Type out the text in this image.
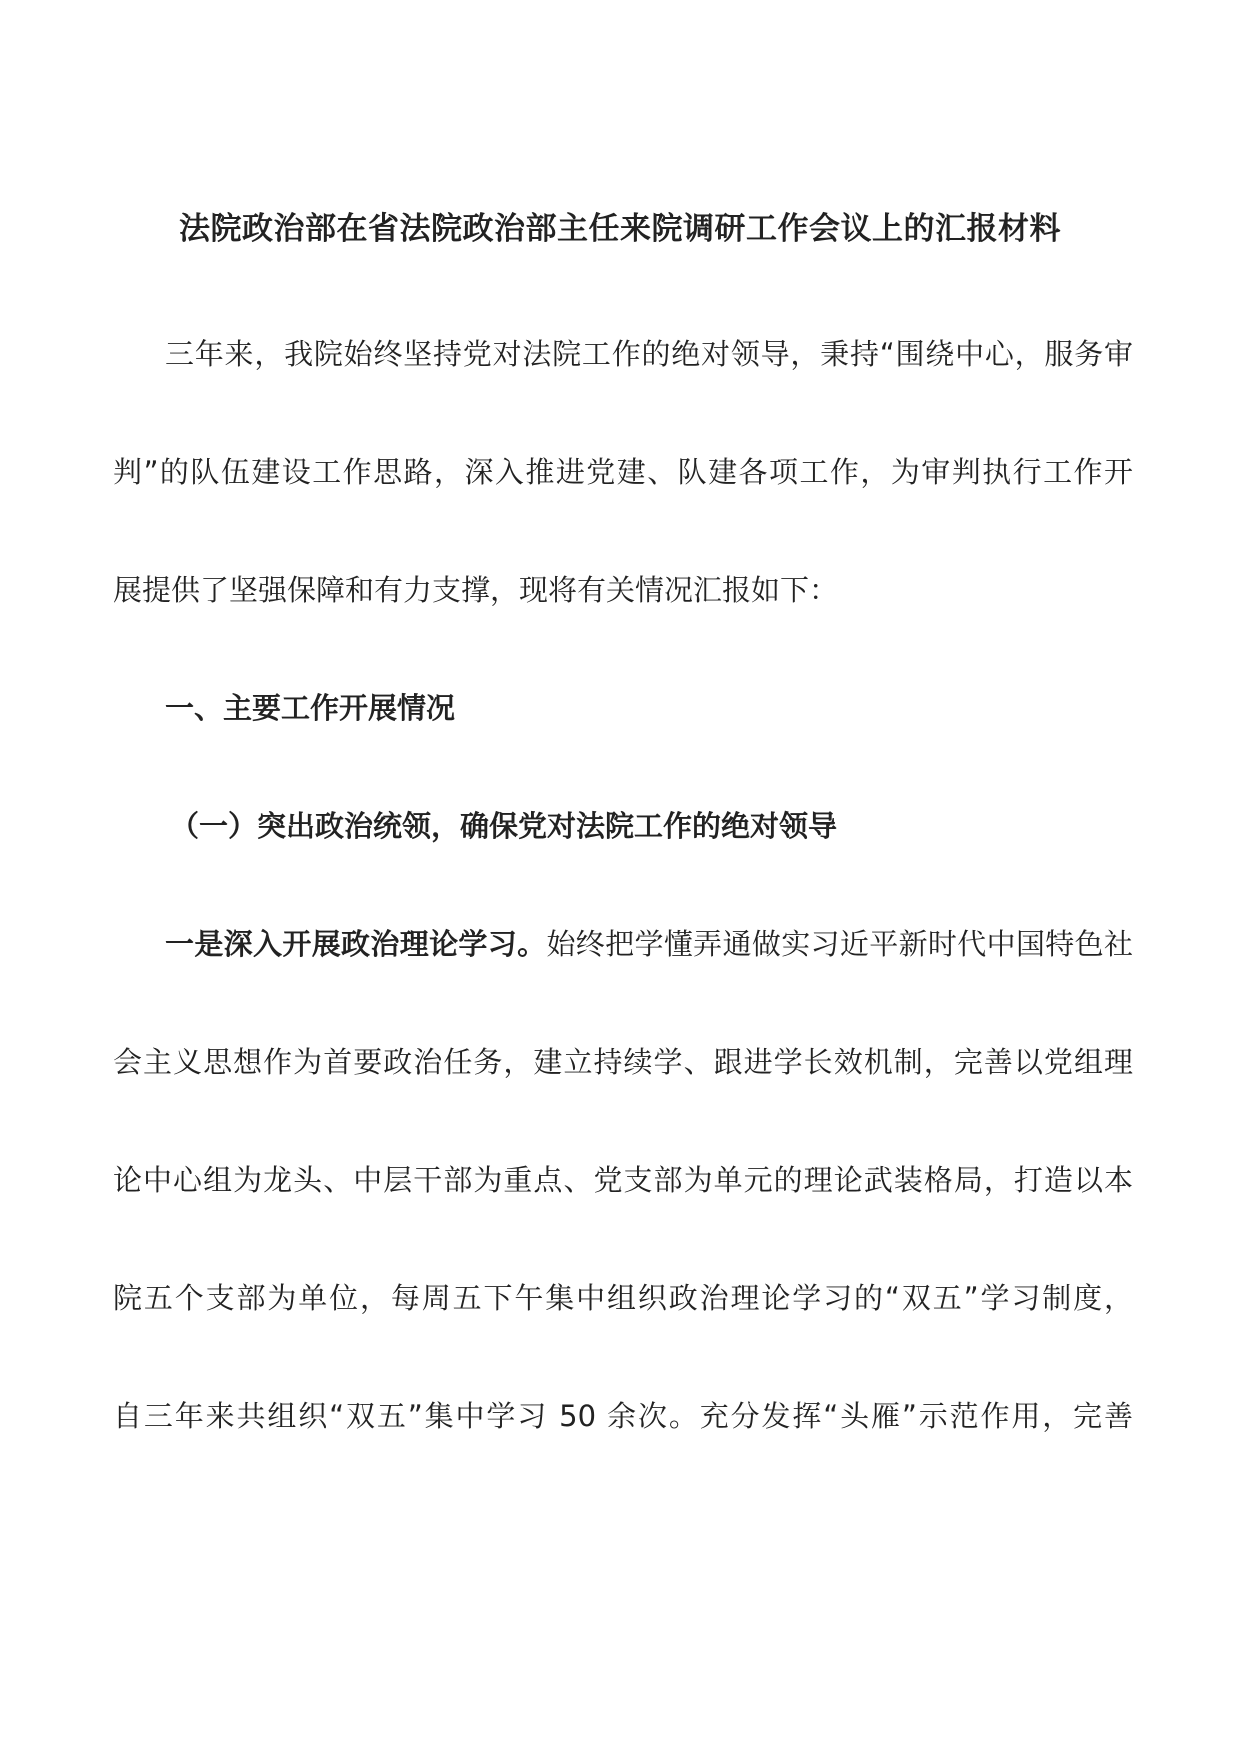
法院政治部在省法院政治部主任来院调研工作会议上的汇报材料
三年来，我院始终坚持党对法院工作的绝对领导，秉持“围绕中心，服务审
判”的队伍建设工作思路，深入推进党建、队建各项工作，为审判执行工作开
展提供了坚强保障和有力支撑，现将有关情况汇报如下：
一、主要工作开展情况
（一）突出政治统领，确保党对法院工作的绝对领导
一是深入开展政治理论学习。始终把学懂弄通做实习近平新时代中国特色社
会主义思想作为首要政治任务，建立持续学、跟进学长效机制，完善以党组理
论中心组为龙头、中层干部为重点、党支部为单元的理论武装格局，打造以本
院五个支部为单位，每周五下午集中组织政治理论学习的“双五”学习制度，
自三年来共组织“双五”集中学习 50 余次。充分发挥“头雁”示范作用，完善
